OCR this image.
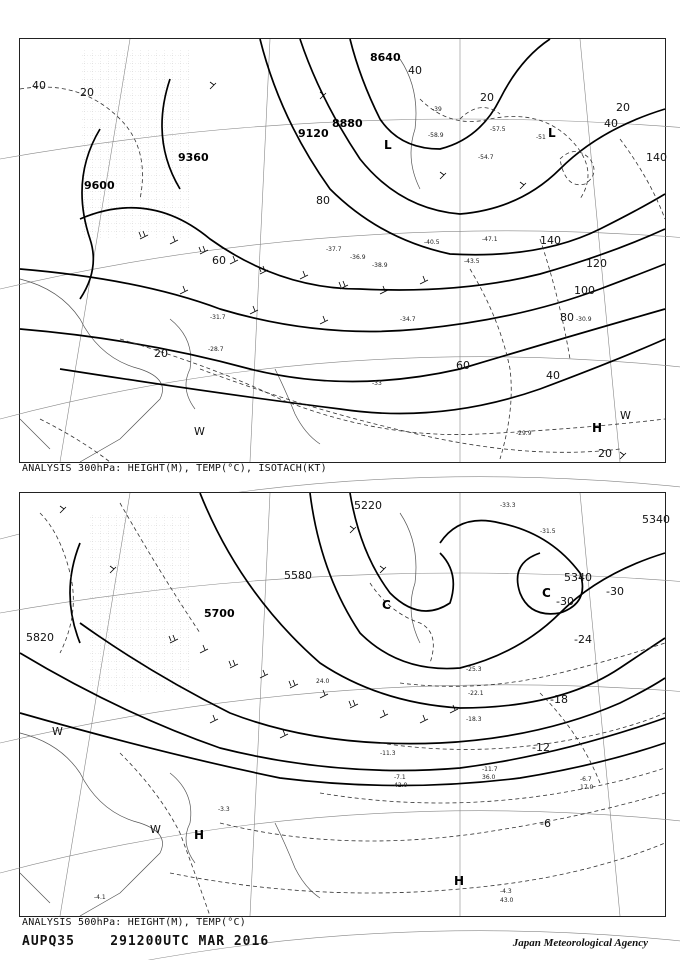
8640
8880
9120
9360
9600
20
40
60
80
100
120
140
20
40
60
80
20
20
40
20
40
140
-57.5
-54.7
-58.9
-47.1
-43.5
-40.5
-37.7
-38.9
-36.9
-34.7
-31.7	-30.9
-29.9
-28.7
-39
-33
-51
L
L
H
W
W
ANALYSIS 300hPa: HEIGHT(M), TEMP(°C), ISOTACH(KT)
5220
5340
5340
5580
5700
5820
-30
-30
-24
-18
-12
-6
-33.3
-31.5
-25.3
-22.1
-18.3
-11.7
-11.3
-7.1	-6.7
-4.3
-3.3
-4.1
17.0
24.0
36.0
42.0
43.0
C
C
W
W	H
H
ANALYSIS 500hPa: HEIGHT(M), TEMP(°C)
AUPQ35	291200UTC MAR 2016	Japan Meteorological Agency
